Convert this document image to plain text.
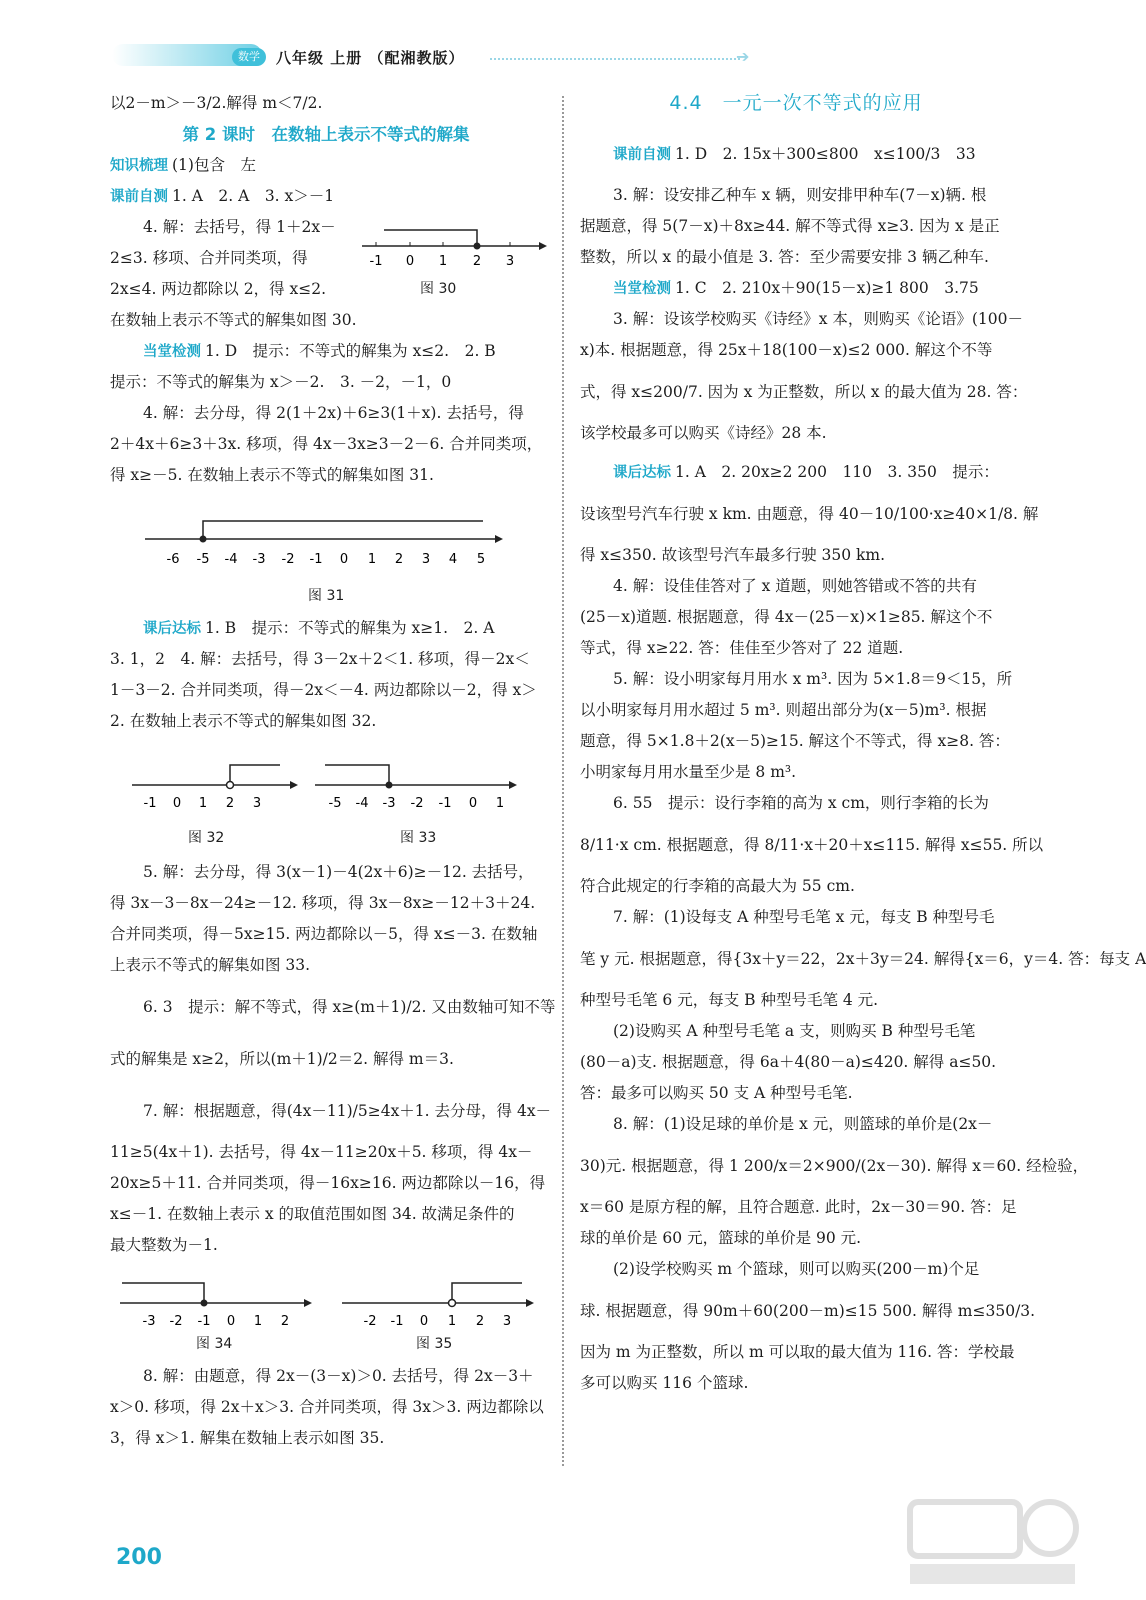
数学	八年级 上册 （配湘教版）	➔
以2－m＞－3/2.解得 m＜7/2.
第 2 课时　在数轴上表示不等式的解集
知识梳理 (1)包含　左
课前自测 1. A　2. A　3. x＞－1
4. 解：去括号，得 1＋2x－
2≤3. 移项、合并同类项，得
2x≤4. 两边都除以 2，得 x≤2.
-1 0 1 2 3
图 30
在数轴上表示不等式的解集如图 30.
当堂检测 1. D　提示：不等式的解集为 x≤2.　2. B
提示：不等式的解集为 x＞－2.　3. －2，－1，0
4. 解：去分母，得 2(1＋2x)＋6≥3(1＋x). 去括号，得
2＋4x＋6≥3＋3x. 移项，得 4x－3x≥3－2－6. 合并同类项，
得 x≥－5. 在数轴上表示不等式的解集如图 31.
-6 -5 -4 -3 -2 -1 0 1 2 3 4 5
图 31
课后达标 1. B　提示：不等式的解集为 x≥1.　2. A
3. 1，2　4. 解：去括号，得 3－2x＋2＜1. 移项，得－2x＜
1－3－2. 合并同类项，得－2x＜－4. 两边都除以－2，得 x＞
2. 在数轴上表示不等式的解集如图 32.
-1 0 1 2 3
图 32
-5 -4 -3 -2 -1 0 1
图 33
5. 解：去分母，得 3(x－1)－4(2x＋6)≥－12. 去括号，
得 3x－3－8x－24≥－12. 移项，得 3x－8x≥－12＋3＋24.
合并同类项，得－5x≥15. 两边都除以－5，得 x≤－3. 在数轴
上表示不等式的解集如图 33.
6. 3　提示：解不等式，得 x≥(m＋1)/2. 又由数轴可知不等
式的解集是 x≥2，所以(m＋1)/2＝2. 解得 m＝3.
7. 解：根据题意，得(4x－11)/5≥4x＋1. 去分母，得 4x－
11≥5(4x＋1). 去括号，得 4x－11≥20x＋5. 移项，得 4x－
20x≥5＋11. 合并同类项，得－16x≥16. 两边都除以－16，得
x≤－1. 在数轴上表示 x 的取值范围如图 34. 故满足条件的
最大整数为－1.
-3 -2 -1 0 1 2
图 34
-2 -1 0 1 2 3
图 35
8. 解：由题意，得 2x－(3－x)＞0. 去括号，得 2x－3＋
x＞0. 移项，得 2x＋x＞3. 合并同类项，得 3x＞3. 两边都除以
3，得 x＞1. 解集在数轴上表示如图 35.
4.4　一元一次不等式的应用
课前自测 1. D　2. 15x＋300≤800　x≤100/3　33
3. 解：设安排乙种车 x 辆，则安排甲种车(7－x)辆. 根
据题意，得 5(7－x)＋8x≥44. 解不等式得 x≥3. 因为 x 是正
整数，所以 x 的最小值是 3. 答：至少需要安排 3 辆乙种车.
当堂检测 1. C　2. 210x＋90(15－x)≥1 800　3.75
3. 解：设该学校购买《诗经》x 本，则购买《论语》(100－
x)本. 根据题意，得 25x＋18(100－x)≤2 000. 解这个不等
式，得 x≤200/7. 因为 x 为正整数，所以 x 的最大值为 28. 答：
该学校最多可以购买《诗经》28 本.
课后达标 1. A　2. 20x≥2 200　110　3. 350　提示：
设该型号汽车行驶 x km. 由题意，得 40－10/100·x≥40×1/8. 解
得 x≤350. 故该型号汽车最多行驶 350 km.
4. 解：设佳佳答对了 x 道题，则她答错或不答的共有
(25－x)道题. 根据题意，得 4x－(25－x)×1≥85. 解这个不
等式，得 x≥22. 答：佳佳至少答对了 22 道题.
5. 解：设小明家每月用水 x m³. 因为 5×1.8＝9＜15，所
以小明家每月用水超过 5 m³. 则超出部分为(x－5)m³. 根据
题意，得 5×1.8＋2(x－5)≥15. 解这个不等式，得 x≥8. 答：
小明家每月用水量至少是 8 m³.
6. 55　提示：设行李箱的高为 x cm，则行李箱的长为
8/11·x cm. 根据题意，得 8/11·x＋20＋x≤115. 解得 x≤55. 所以
符合此规定的行李箱的高最大为 55 cm.
7. 解：(1)设每支 A 种型号毛笔 x 元，每支 B 种型号毛
笔 y 元. 根据题意，得{3x＋y＝22，2x＋3y＝24. 解得{x＝6，y＝4. 答：每支 A
种型号毛笔 6 元，每支 B 种型号毛笔 4 元.
(2)设购买 A 种型号毛笔 a 支，则购买 B 种型号毛笔
(80－a)支. 根据题意，得 6a＋4(80－a)≤420. 解得 a≤50.
答：最多可以购买 50 支 A 种型号毛笔.
8. 解：(1)设足球的单价是 x 元，则篮球的单价是(2x－
30)元. 根据题意，得 1 200/x＝2×900/(2x－30). 解得 x＝60. 经检验，
x＝60 是原方程的解，且符合题意. 此时，2x－30＝90. 答：足
球的单价是 60 元，篮球的单价是 90 元.
(2)设学校购买 m 个篮球，则可以购买(200－m)个足
球. 根据题意，得 90m＋60(200－m)≤15 500. 解得 m≤350/3.
因为 m 为正整数，所以 m 可以取的最大值为 116. 答：学校最
多可以购买 116 个篮球.
200
